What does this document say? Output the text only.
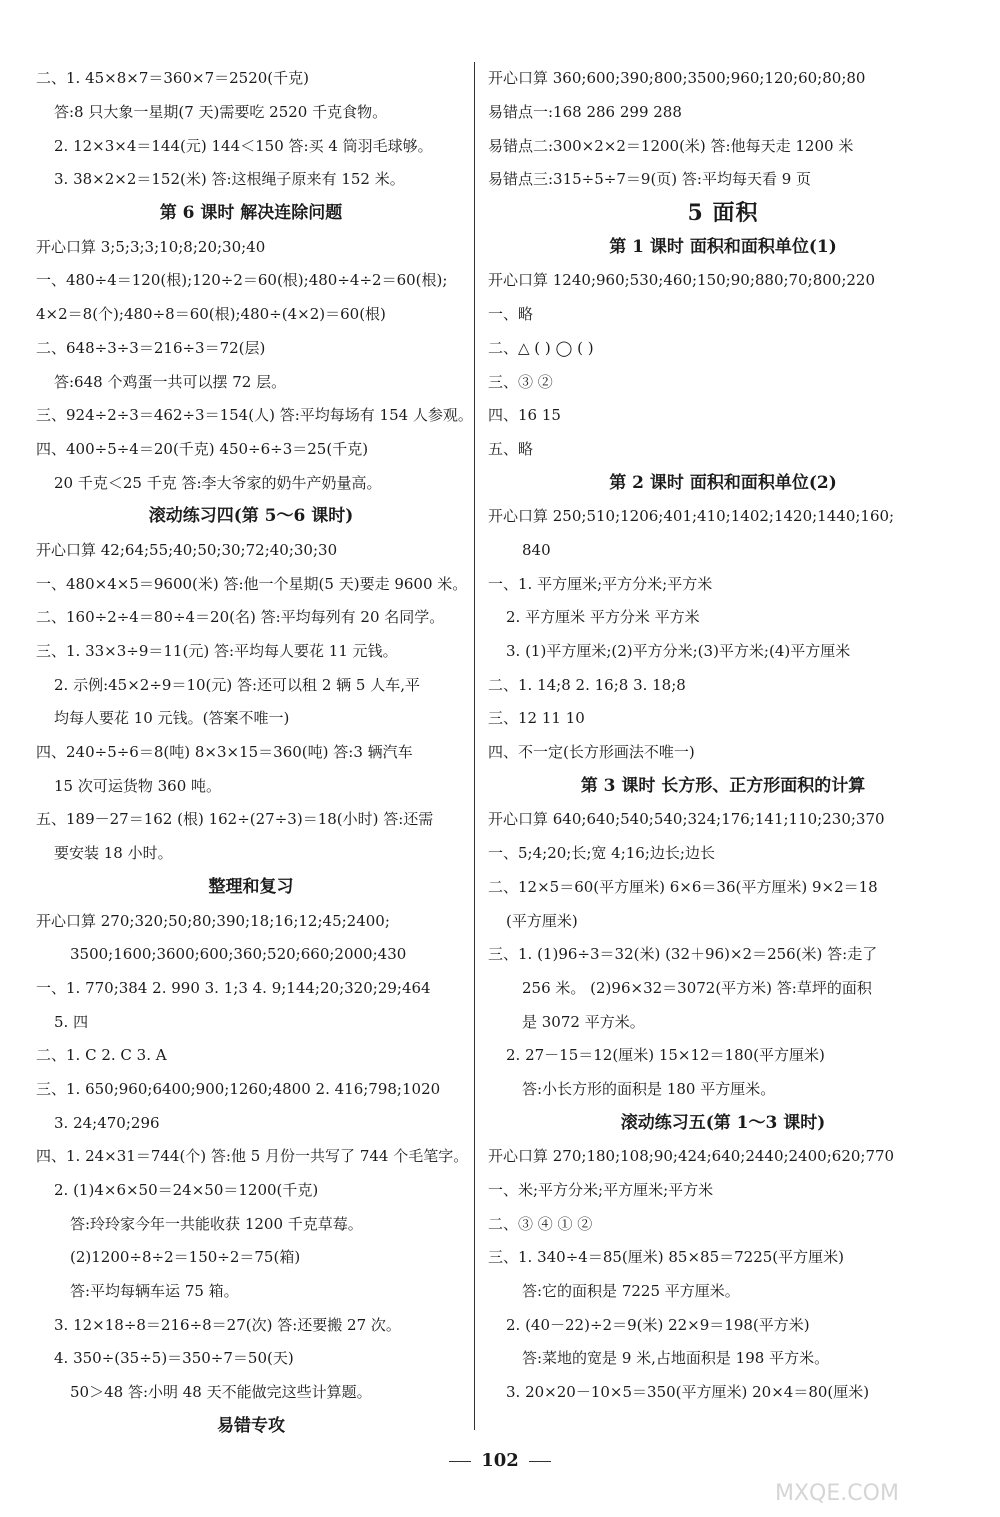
二、1. 45×8×7＝360×7＝2520(千克)
答:8 只大象一星期(7 天)需要吃 2520 千克食物。
2. 12×3×4＝144(元) 144＜150 答:买 4 筒羽毛球够。
3. 38×2×2＝152(米) 答:这根绳子原来有 152 米。
第 6 课时 解决连除问题
开心口算 3;5;3;3;10;8;20;30;40
一、480÷4＝120(根);120÷2＝60(根);480÷4÷2＝60(根);
4×2＝8(个);480÷8＝60(根);480÷(4×2)＝60(根)
二、648÷3÷3＝216÷3＝72(层)
答:648 个鸡蛋一共可以摆 72 层。
三、924÷2÷3＝462÷3＝154(人) 答:平均每场有 154 人参观。
四、400÷5÷4＝20(千克) 450÷6÷3＝25(千克)
20 千克＜25 千克 答:李大爷家的奶牛产奶量高。
滚动练习四(第 5～6 课时)
开心口算 42;64;55;40;50;30;72;40;30;30
一、480×4×5＝9600(米) 答:他一个星期(5 天)要走 9600 米。
二、160÷2÷4＝80÷4＝20(名) 答:平均每列有 20 名同学。
三、1. 33×3÷9＝11(元) 答:平均每人要花 11 元钱。
2. 示例:45×2÷9＝10(元) 答:还可以租 2 辆 5 人车,平
均每人要花 10 元钱。(答案不唯一)
四、240÷5÷6＝8(吨) 8×3×15＝360(吨) 答:3 辆汽车
15 次可运货物 360 吨。
五、189－27＝162 (根) 162÷(27÷3)＝18(小时) 答:还需
要安装 18 小时。
整理和复习
开心口算 270;320;50;80;390;18;16;12;45;2400;
3500;1600;3600;600;360;520;660;2000;430
一、1. 770;384 2. 990 3. 1;3 4. 9;144;20;320;29;464
5. 四
二、1. C 2. C 3. A
三、1. 650;960;6400;900;1260;4800 2. 416;798;1020
3. 24;470;296
四、1. 24×31＝744(个) 答:他 5 月份一共写了 744 个毛笔字。
2. (1)4×6×50＝24×50＝1200(千克)
答:玲玲家今年一共能收获 1200 千克草莓。
(2)1200÷8÷2＝150÷2＝75(箱)
答:平均每辆车运 75 箱。
3. 12×18÷8＝216÷8＝27(次) 答:还要搬 27 次。
4. 350÷(35÷5)＝350÷7＝50(天)
50＞48 答:小明 48 天不能做完这些计算题。
易错专攻
开心口算 360;600;390;800;3500;960;120;60;80;80
易错点一:168 286 299 288
易错点二:300×2×2＝1200(米) 答:他每天走 1200 米
易错点三:315÷5÷7＝9(页) 答:平均每天看 9 页
5 面积
第 1 课时 面积和面积单位(1)
开心口算 1240;960;530;460;150;90;880;70;800;220
一、略
二、△ ( ) ◯ ( )
三、③ ②
四、16 15
五、略
第 2 课时 面积和面积单位(2)
开心口算 250;510;1206;401;410;1402;1420;1440;160;
840
一、1. 平方厘米;平方分米;平方米
2. 平方厘米 平方分米 平方米
3. (1)平方厘米;(2)平方分米;(3)平方米;(4)平方厘米
二、1. 14;8 2. 16;8 3. 18;8
三、12 11 10
四、不一定(长方形画法不唯一)
第 3 课时 长方形、正方形面积的计算
开心口算 640;640;540;540;324;176;141;110;230;370
一、5;4;20;长;宽 4;16;边长;边长
二、12×5＝60(平方厘米) 6×6＝36(平方厘米) 9×2＝18
(平方厘米)
三、1. (1)96÷3＝32(米) (32＋96)×2＝256(米) 答:走了
256 米。 (2)96×32＝3072(平方米) 答:草坪的面积
是 3072 平方米。
2. 27－15＝12(厘米) 15×12＝180(平方厘米)
答:小长方形的面积是 180 平方厘米。
滚动练习五(第 1～3 课时)
开心口算 270;180;108;90;424;640;2440;2400;620;770
一、米;平方分米;平方厘米;平方米
二、③ ④ ① ②
三、1. 340÷4＝85(厘米) 85×85＝7225(平方厘米)
答:它的面积是 7225 平方厘米。
2. (40－22)÷2＝9(米) 22×9＝198(平方米)
答:菜地的宽是 9 米,占地面积是 198 平方米。
3. 20×20－10×5＝350(平方厘米) 20×4＝80(厘米)
102
MXQE.COM
